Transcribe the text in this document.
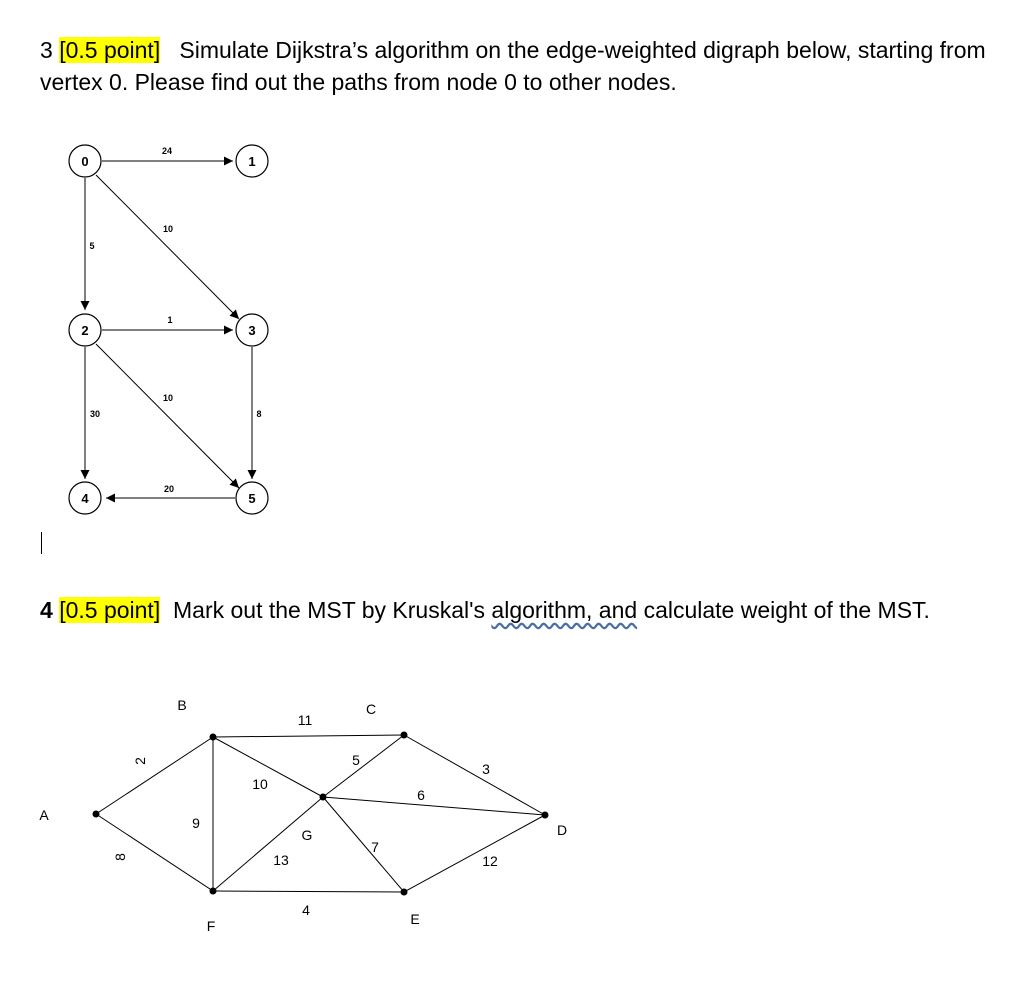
3 [0.5 point] Simulate Dijkstra’s algorithm on the edge-weighted digraph below, starting from vertex 0. Please find out the paths from node 0 to other nodes.

24
10
5
1
10
30	8
20
0	1
2	3
4	5
A
B	C
D
E
F
G
2
8
9
11
10
13
4
5
6
7
3
12

4 [0.5 point] Mark out the MST by Kruskal's algorithm, and calculate weight of the MST.
